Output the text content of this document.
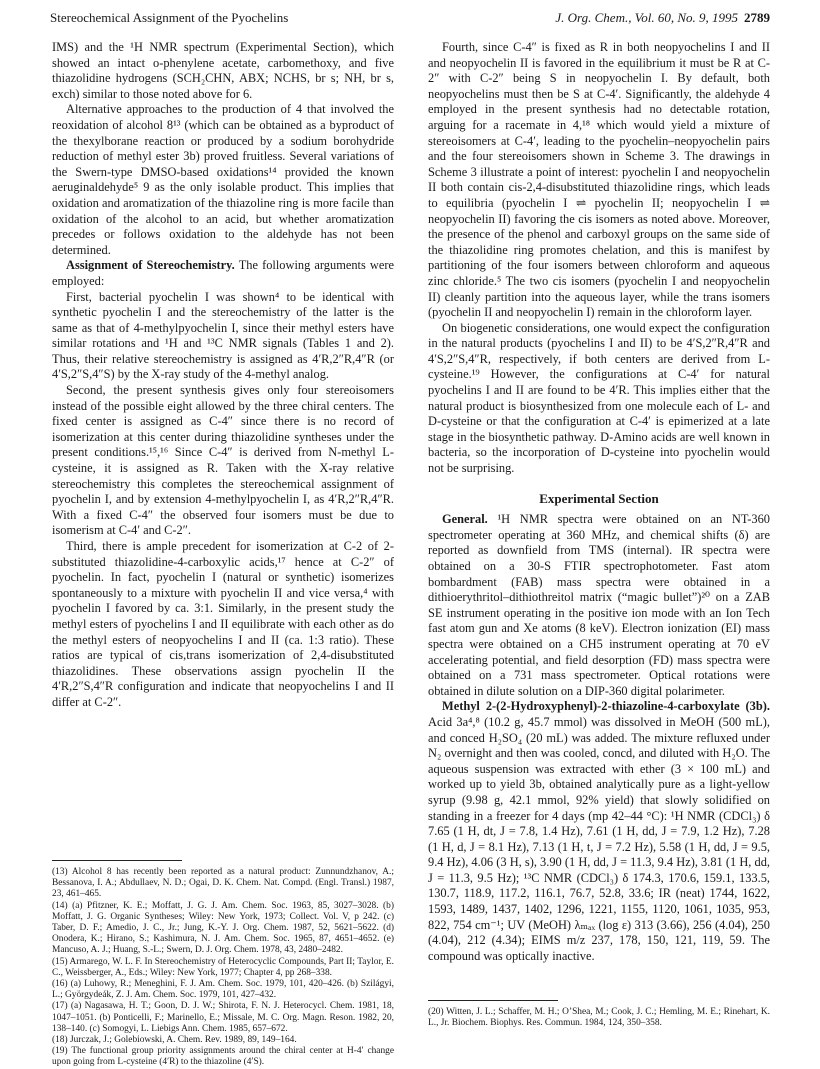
Stereochemical Assignment of the Pyochelins	J. Org. Chem., Vol. 60, No. 9, 1995 2789

IMS) and the ¹H NMR spectrum (Experimental Section), which showed an intact o-phenylene acetate, carbomethoxy, and five thiazolidine hydrogens (SCH₂CHN, ABX; NCHS, br s; NH, br s, exch) similar to those noted above for 6.

Alternative approaches to the production of 4 that involved the reoxidation of alcohol 8¹³ (which can be obtained as a byproduct of the thexylborane reaction or produced by a sodium borohydride reduction of methyl ester 3b) proved fruitless. Several variations of the Swern-type DMSO-based oxidations¹⁴ provided the known aeruginaldehyde⁵ 9 as the only isolable product. This implies that oxidation and aromatization of the thiazoline ring is more facile than oxidation of the alcohol to an acid, but whether aromatization precedes or follows oxidation to the aldehyde has not been determined.

Assignment of Stereochemistry. The following arguments were employed:

First, bacterial pyochelin I was shown⁴ to be identical with synthetic pyochelin I and the stereochemistry of the latter is the same as that of 4-methylpyochelin I, since their methyl esters have similar rotations and ¹H and ¹³C NMR signals (Tables 1 and 2). Thus, their relative stereochemistry is assigned as 4′R,2″R,4″R (or 4′S,2″S,4″S) by the X-ray study of the 4-methyl analog.

Second, the present synthesis gives only four stereoisomers instead of the possible eight allowed by the three chiral centers. The fixed center is assigned as C-4″ since there is no record of isomerization at this center during thiazolidine syntheses under the present conditions.¹⁵,¹⁶ Since C-4″ is derived from N-methyl L-cysteine, it is assigned as R. Taken with the X-ray relative stereochemistry this completes the stereochemical assignment of pyochelin I, and by extension 4-methylpyochelin I, as 4′R,2″R,4″R. With a fixed C-4″ the observed four isomers must be due to isomerism at C-4′ and C-2″.

Third, there is ample precedent for isomerization at C-2 of 2-substituted thiazolidine-4-carboxylic acids,¹⁷ hence at C-2″ of pyochelin. In fact, pyochelin I (natural or synthetic) isomerizes spontaneously to a mixture with pyochelin II and vice versa,⁴ with pyochelin I favored by ca. 3:1. Similarly, in the present study the methyl esters of pyochelins I and II equilibrate with each other as do the methyl esters of neopyochelins I and II (ca. 1:3 ratio). These ratios are typical of cis,trans isomerization of 2,4-disubstituted thiazolidines. These observations assign pyochelin II the 4′R,2″S,4″R configuration and indicate that neopyochelins I and II differ at C-2″.

(13) Alcohol 8 has recently been reported as a natural product: Zunnundzhanov, A.; Bessanova, I. A.; Abdullaev, N. D.; Ogai, D. K. Chem. Nat. Compd. (Engl. Transl.) 1987, 23, 461–465.
(14) (a) Pfitzner, K. E.; Moffatt, J. G. J. Am. Chem. Soc. 1963, 85, 3027–3028. (b) Moffatt, J. G. Organic Syntheses; Wiley: New York, 1973; Collect. Vol. V, p 242. (c) Taber, D. F.; Amedio, J. C., Jr.; Jung, K.-Y. J. Org. Chem. 1987, 52, 5621–5622. (d) Onodera, K.; Hirano, S.; Kashimura, N. J. Am. Chem. Soc. 1965, 87, 4651–4652. (e) Mancuso, A. J.; Huang, S.-L.; Swern, D. J. Org. Chem. 1978, 43, 2480–2482.
(15) Armarego, W. L. F. In Stereochemistry of Heterocyclic Compounds, Part II; Taylor, E. C., Weissberger, A., Eds.; Wiley: New York, 1977; Chapter 4, pp 268–338.
(16) (a) Luhowy, R.; Meneghini, F. J. Am. Chem. Soc. 1979, 101, 420–426. (b) Szilágyi, L.; Györgydeák, Z. J. Am. Chem. Soc. 1979, 101, 427–432.
(17) (a) Nagasawa, H. T.; Goon, D. J. W.; Shirota, F. N. J. Heterocycl. Chem. 1981, 18, 1047–1051. (b) Ponticelli, F.; Marinello, E.; Missale, M. C. Org. Magn. Reson. 1982, 20, 138–140. (c) Somogyi, L. Liebigs Ann. Chem. 1985, 657–672.
(18) Jurczak, J.; Golebiowski, A. Chem. Rev. 1989, 89, 149–164.
(19) The functional group priority assignments around the chiral center at H-4′ change upon going from L-cysteine (4′R) to the thiazoline (4′S).

Fourth, since C-4″ is fixed as R in both neopyochelins I and II and neopyochelin II is favored in the equilibrium it must be R at C-2″ with C-2″ being S in neopyochelin I. By default, both neopyochelins must then be S at C-4′. Significantly, the aldehyde 4 employed in the present synthesis had no detectable rotation, arguing for a racemate in 4,¹⁸ which would yield a mixture of stereoisomers at C-4′, leading to the pyochelin–neopyochelin pairs and the four stereoisomers shown in Scheme 3. The drawings in Scheme 3 illustrate a point of interest: pyochelin I and neopyochelin II both contain cis-2,4-disubstituted thiazolidine rings, which leads to equilibria (pyochelin I ⇌ pyochelin II; neopyochelin I ⇌ neopyochelin II) favoring the cis isomers as noted above. Moreover, the presence of the phenol and carboxyl groups on the same side of the thiazolidine ring promotes chelation, and this is manifest by partitioning of the four isomers between chloroform and aqueous zinc chloride.⁵ The two cis isomers (pyochelin I and neopyochelin II) cleanly partition into the aqueous layer, while the trans isomers (pyochelin II and neopyochelin I) remain in the chloroform layer.

On biogenetic considerations, one would expect the configuration in the natural products (pyochelins I and II) to be 4′S,2″R,4″R and 4′S,2″S,4″R, respectively, if both centers are derived from L-cysteine.¹⁹ However, the configurations at C-4′ for natural pyochelins I and II are found to be 4′R. This implies either that the natural product is biosynthesized from one molecule each of L- and D-cysteine or that the configuration at C-4′ is epimerized at a late stage in the biosynthetic pathway. D-Amino acids are well known in bacteria, so the incorporation of D-cysteine into pyochelin would not be surprising.

Experimental Section

General. ¹H NMR spectra were obtained on an NT-360 spectrometer operating at 360 MHz, and chemical shifts (δ) are reported as downfield from TMS (internal). IR spectra were obtained on a 30-S FTIR spectrophotometer. Fast atom bombardment (FAB) mass spectra were obtained in a dithioerythritol–dithiothreitol matrix (“magic bullet”)²⁰ on a ZAB SE instrument operating in the positive ion mode with an Ion Tech fast atom gun and Xe atoms (8 keV). Electron ionization (EI) mass spectra were obtained on a CH5 instrument operating at 70 eV accelerating potential, and field desorption (FD) mass spectra were obtained on a 731 mass spectrometer. Optical rotations were obtained in dilute solution on a DIP-360 digital polarimeter.

Methyl 2-(2-Hydroxyphenyl)-2-thiazoline-4-carboxylate (3b). Acid 3a⁴,⁸ (10.2 g, 45.7 mmol) was dissolved in MeOH (500 mL), and conced H₂SO₄ (20 mL) was added. The mixture refluxed under N₂ overnight and then was cooled, concd, and diluted with H₂O. The aqueous suspension was extracted with ether (3 × 100 mL) and worked up to yield 3b, obtained analytically pure as a light-yellow syrup (9.98 g, 42.1 mmol, 92% yield) that slowly solidified on standing in a freezer for 4 days (mp 42–44 °C): ¹H NMR (CDCl₃) δ 7.65 (1 H, dt, J = 7.8, 1.4 Hz), 7.61 (1 H, dd, J = 7.9, 1.2 Hz), 7.28 (1 H, d, J = 8.1 Hz), 7.13 (1 H, t, J = 7.2 Hz), 5.58 (1 H, dd, J = 9.5, 9.4 Hz), 4.06 (3 H, s), 3.90 (1 H, dd, J = 11.3, 9.4 Hz), 3.81 (1 H, dd, J = 11.3, 9.5 Hz); ¹³C NMR (CDCl₃) δ 174.3, 170.6, 159.1, 133.5, 130.7, 118.9, 117.2, 116.1, 76.7, 52.8, 33.6; IR (neat) 1744, 1622, 1593, 1489, 1437, 1402, 1296, 1221, 1155, 1120, 1061, 1035, 953, 822, 754 cm⁻¹; UV (MeOH) λₘₐₓ (log ε) 313 (3.66), 256 (4.04), 250 (4.04), 212 (4.34); EIMS m/z 237, 178, 150, 121, 119, 59. The compound was optically inactive.

(20) Witten, J. L.; Schaffer, M. H.; O’Shea, M.; Cook, J. C.; Hemling, M. E.; Rinehart, K. L., Jr. Biochem. Biophys. Res. Commun. 1984, 124, 350–358.
